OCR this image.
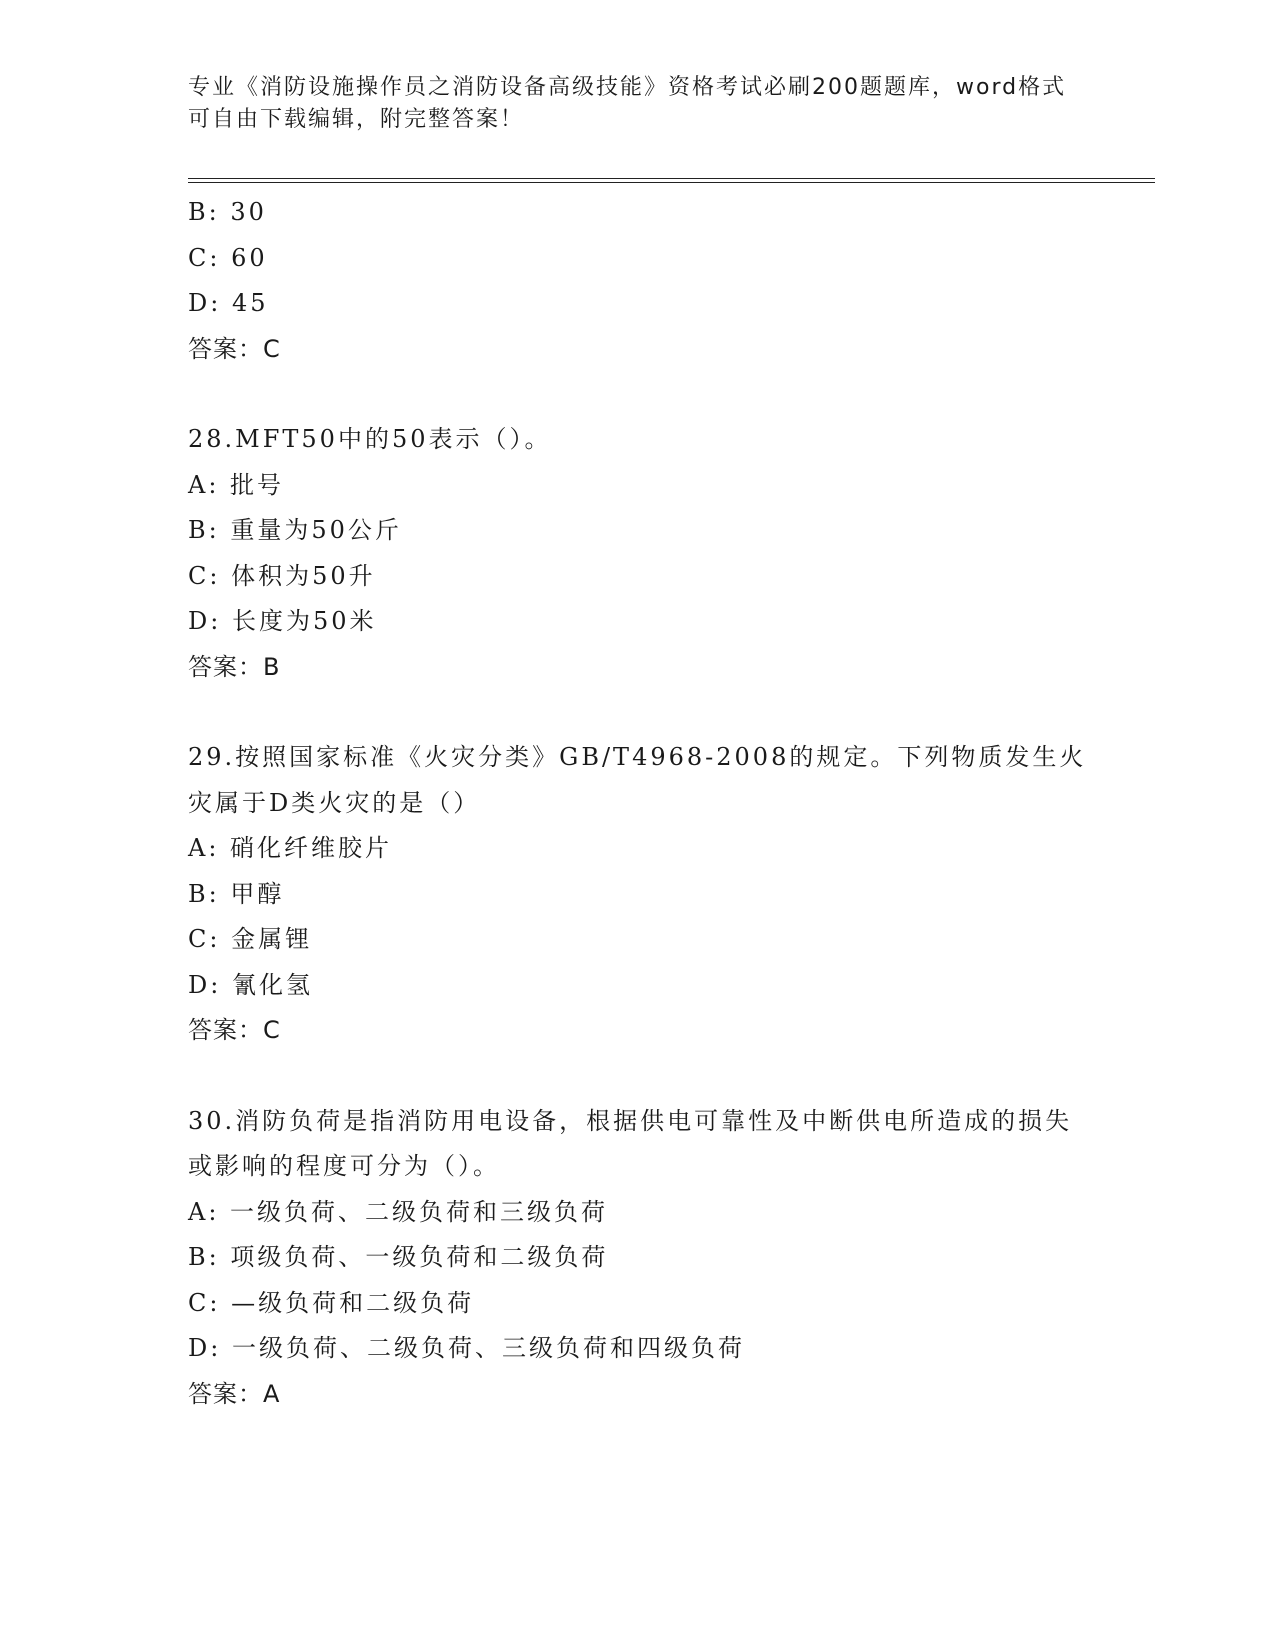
专业《消防设施操作员之消防设备高级技能》资格考试必刷200题题库，word格式可自由下载编辑，附完整答案！
B: 30
C: 60
D: 45
答案：C
28.MFT50中的50表示（）。
A: 批号
B: 重量为50公斤
C: 体积为50升
D: 长度为50米
答案：B
29.按照国家标准《火灾分类》GB/T4968-2008的规定。下列物质发生火灾属于D类火灾的是（）
A: 硝化纤维胶片
B: 甲醇
C: 金属锂
D: 氰化氢
答案：C
30.消防负荷是指消防用电设备，根据供电可靠性及中断供电所造成的损失或影响的程度可分为（）。
A: 一级负荷、二级负荷和三级负荷
B: 项级负荷、一级负荷和二级负荷
C: —级负荷和二级负荷
D: 一级负荷、二级负荷、三级负荷和四级负荷
答案：A
